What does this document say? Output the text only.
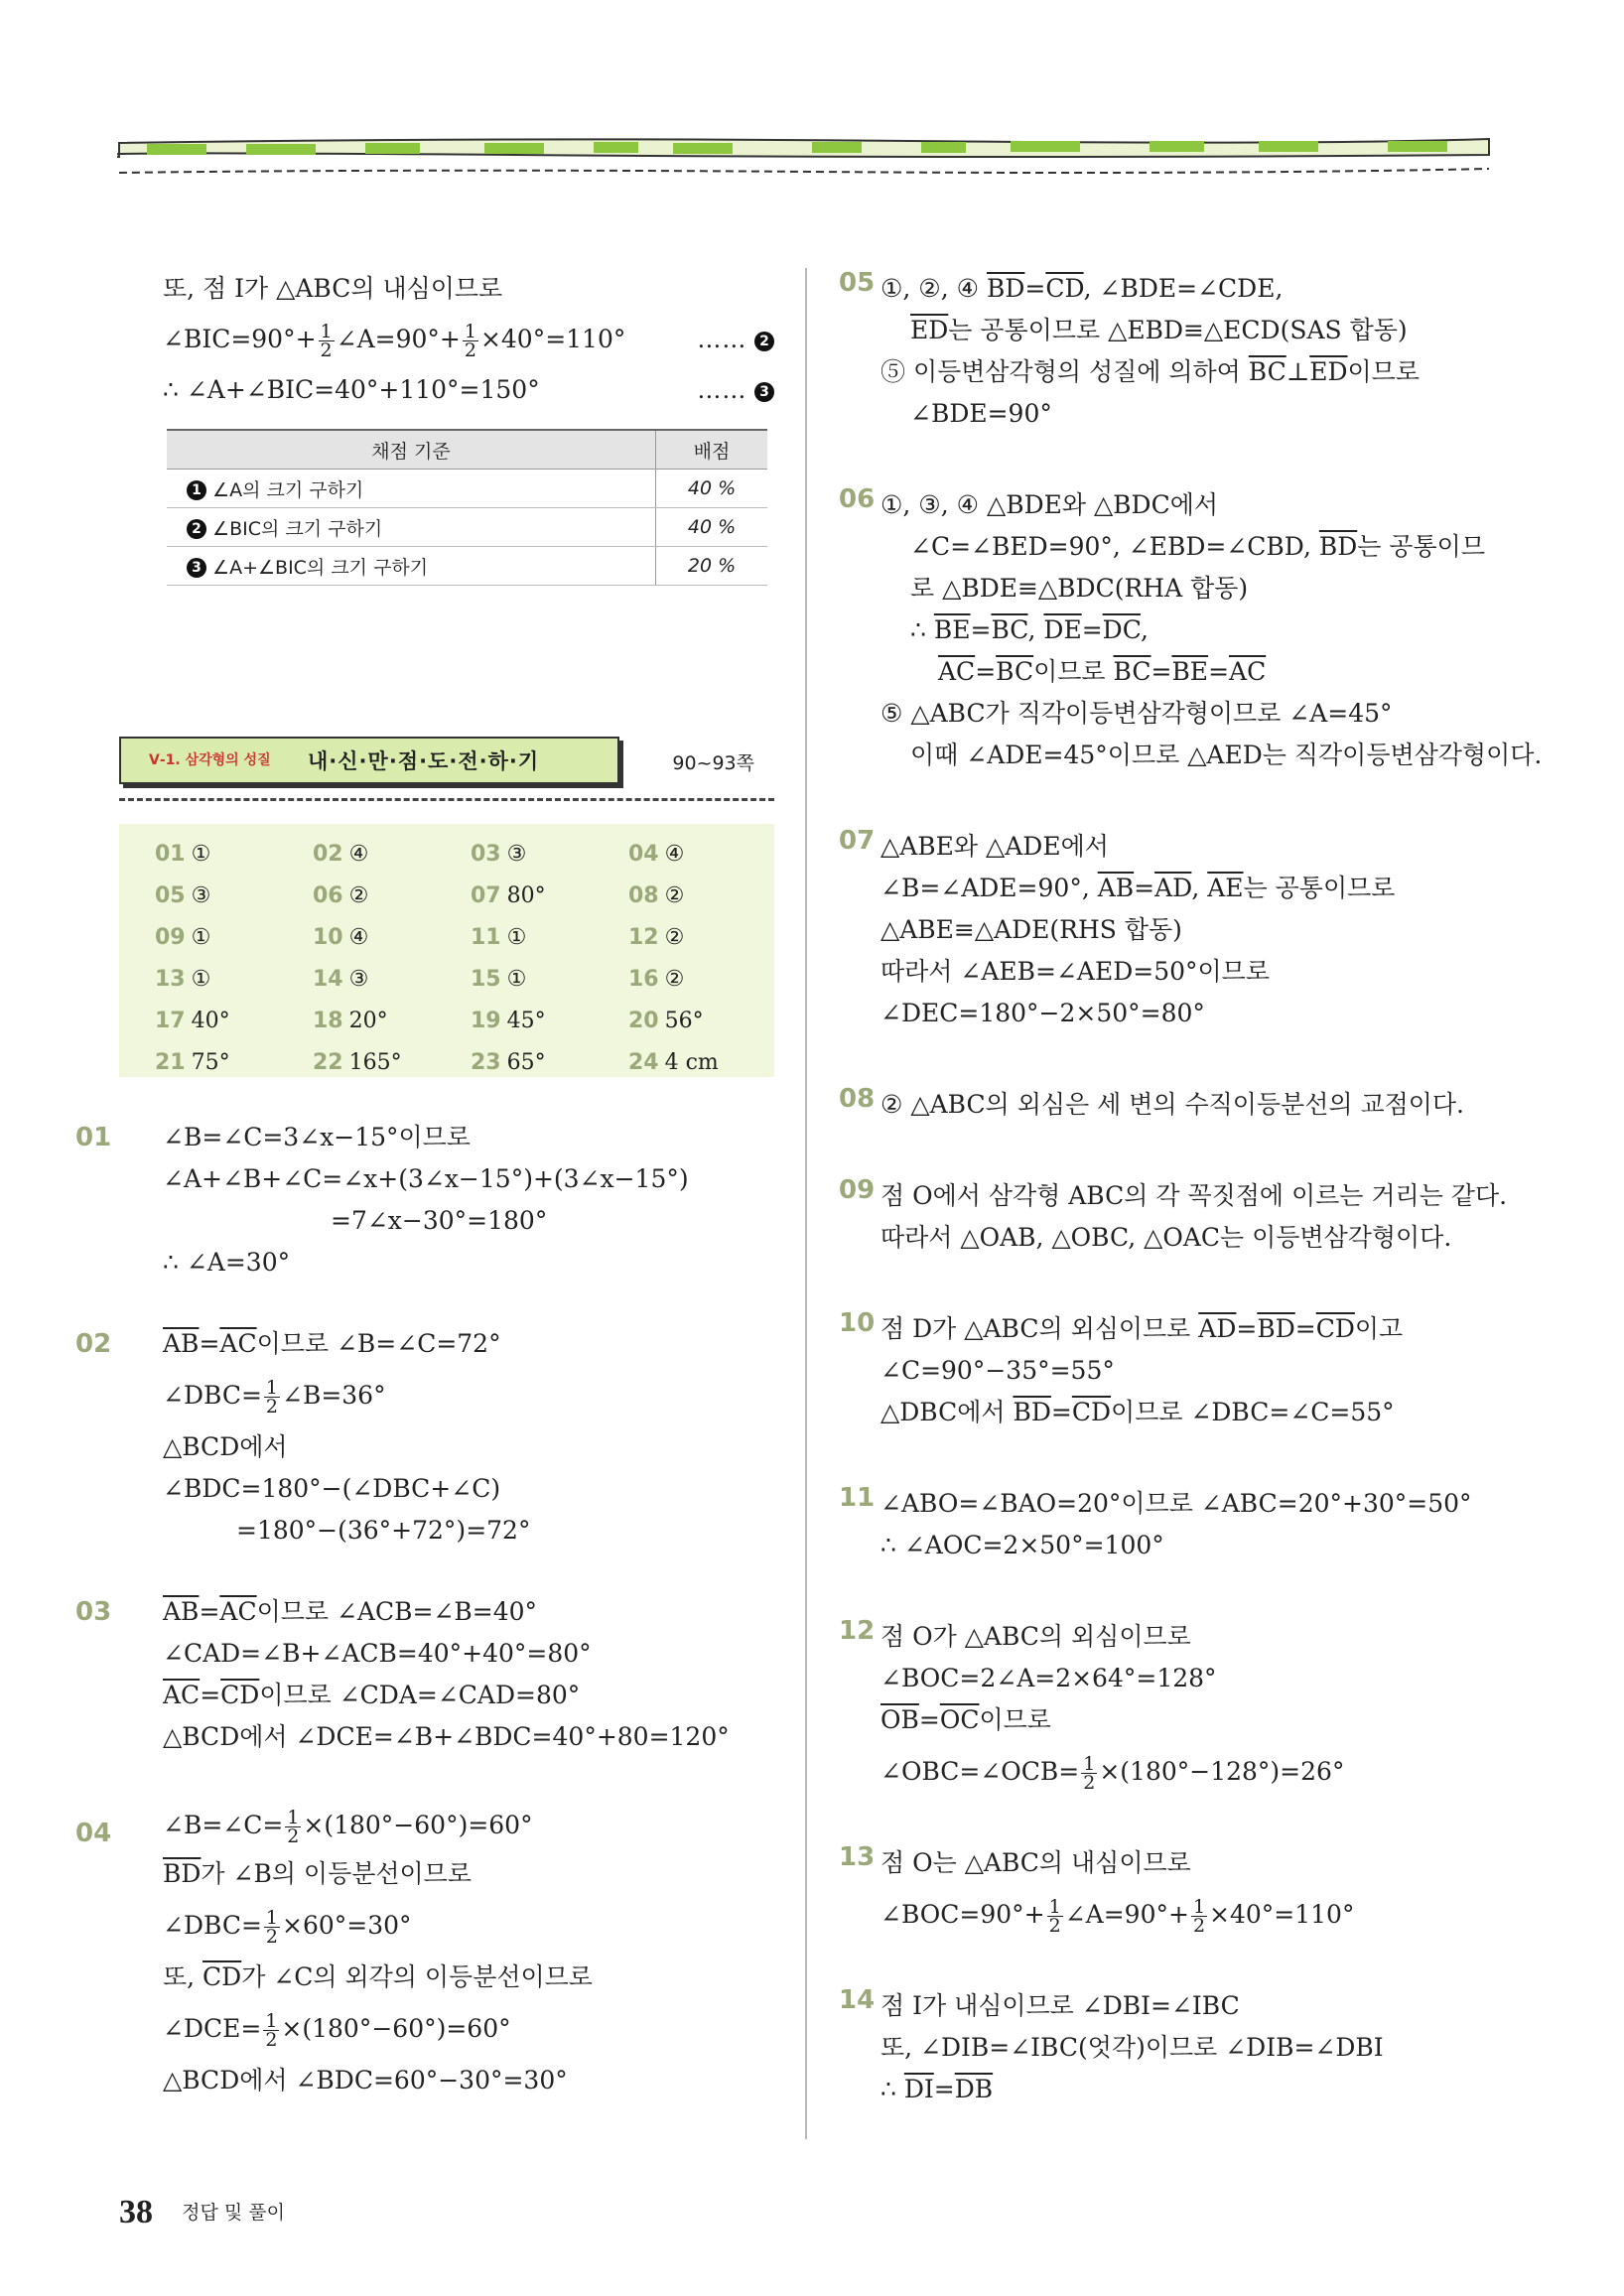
또, 점 I가 △ABC의 내심이므로
∠BIC=90°+ $\frac{1}{2}$ ∠A=90°+ $\frac{1}{2} \times 40^\circ=110^\circ$	…… 2
∴ ∠A+∠BIC=40°+110°=150°	…… 3
채점 기준	배점
1 ∠A의 크기 구하기	40 %
2 ∠BIC의 크기 구하기	40 %
3 ∠A+∠BIC의 크기 구하기	20 %
Ⅴ-1. 삼각형의 성질 내·신·만·점·도·전·하·기	90~93쪽
01 ①	02 ④	03 ③	04 ④
05 ③	06 ②	07 80°	08 ②
09 ①	10 ④	11 ①	12 ②
13 ①	14 ③	15 ①	16 ②
17 40°	18 20°	19 45°	20 56°
21 75°	22 165°	23 65°	24 4 cm
01 ∠B=∠C=3∠x−15°이므로
∠A+∠B+∠C=∠x+(3∠x−15°)+(3∠x−15°)
=7∠x−30°=180°
∴ ∠A=30°
02 $\overline{AB}=\overline{AC}$이므로 ∠B=∠C=72°
∠DBC= $\frac{1}{2}$ ∠B=36°
△BCD에서
∠BDC=180°−(∠DBC+∠C)
=180°−(36°+72°)=72°
03 $\overline{AB}=\overline{AC}$이므로 ∠ACB=∠B=40°
∠CAD=∠B+∠ACB=40°+40°=80°
$\overline{AC}=\overline{CD}$이므로 ∠CDA=∠CAD=80°
△BCD에서 ∠DCE=∠B+∠BDC=40°+80=120°
04 ∠B=∠C= $\frac{1}{2} \times(180^\circ-60^\circ)=60^\circ$
$\overline{BD}$가 ∠B의 이등분선이므로
∠DBC= $\frac{1}{2} \times 60^\circ=30^\circ$
또, $\overline{CD}$가 ∠C의 외각의 이등분선이므로
∠DCE= $\frac{1}{2} \times(180^\circ-60^\circ)=60^\circ$
△BCD에서 ∠BDC=60°−30°=30°
05 ①, ②, ④ $\overline{BD}=\overline{CD}$, ∠BDE=∠CDE,
$\overline{ED}$는 공통이므로 △EBD≡△ECD(SAS 합동)
⑤ 이등변삼각형의 성질에 의하여 $\overline{BC}\perp\overline{ED}$이므로
∠BDE=90°
06 ①, ③, ④ △BDE와 △BDC에서
∠C=∠BED=90°, ∠EBD=∠CBD, $\overline{BD}$는 공통이므
로 △BDE≡△BDC(RHA 합동)
∴ $\overline{BE}=\overline{BC}$, $\overline{DE}=\overline{DC}$,
$\overline{AC}=\overline{BC}$이므로 $\overline{BC}=\overline{BE}=\overline{AC}$
⑤ △ABC가 직각이등변삼각형이므로 ∠A=45°
이때 ∠ADE=45°이므로 △AED는 직각이등변삼각형이다.
07 △ABE와 △ADE에서
∠B=∠ADE=90°, $\overline{AB}=\overline{AD}$, $\overline{AE}$는 공통이므로
△ABE≡△ADE(RHS 합동)
따라서 ∠AEB=∠AED=50°이므로
∠DEC=180°−2×50°=80°
08 ② △ABC의 외심은 세 변의 수직이등분선의 교점이다.
09 점 O에서 삼각형 ABC의 각 꼭짓점에 이르는 거리는 같다.
따라서 △OAB, △OBC, △OAC는 이등변삼각형이다.
10 점 D가 △ABC의 외심이므로 $\overline{AD}=\overline{BD}=\overline{CD}$이고
∠C=90°−35°=55°
△DBC에서 $\overline{BD}=\overline{CD}$이므로 ∠DBC=∠C=55°
11 ∠ABO=∠BAO=20°이므로 ∠ABC=20°+30°=50°
∴ ∠AOC=2×50°=100°
12 점 O가 △ABC의 외심이므로
∠BOC=2∠A=2×64°=128°
$\overline{OB}=\overline{OC}$이므로
∠OBC=∠OCB= $\frac{1}{2} \times(180^\circ-128^\circ)=26^\circ$
13 점 O는 △ABC의 내심이므로
∠BOC=90°+ $\frac{1}{2}$ ∠A=90°+ $\frac{1}{2} \times 40^\circ=110^\circ$
14 점 I가 내심이므로 ∠DBI=∠IBC
또, ∠DIB=∠IBC(엇각)이므로 ∠DIB=∠DBI
∴ $\overline{DI}=\overline{DB}$
38 정답 및 풀이
